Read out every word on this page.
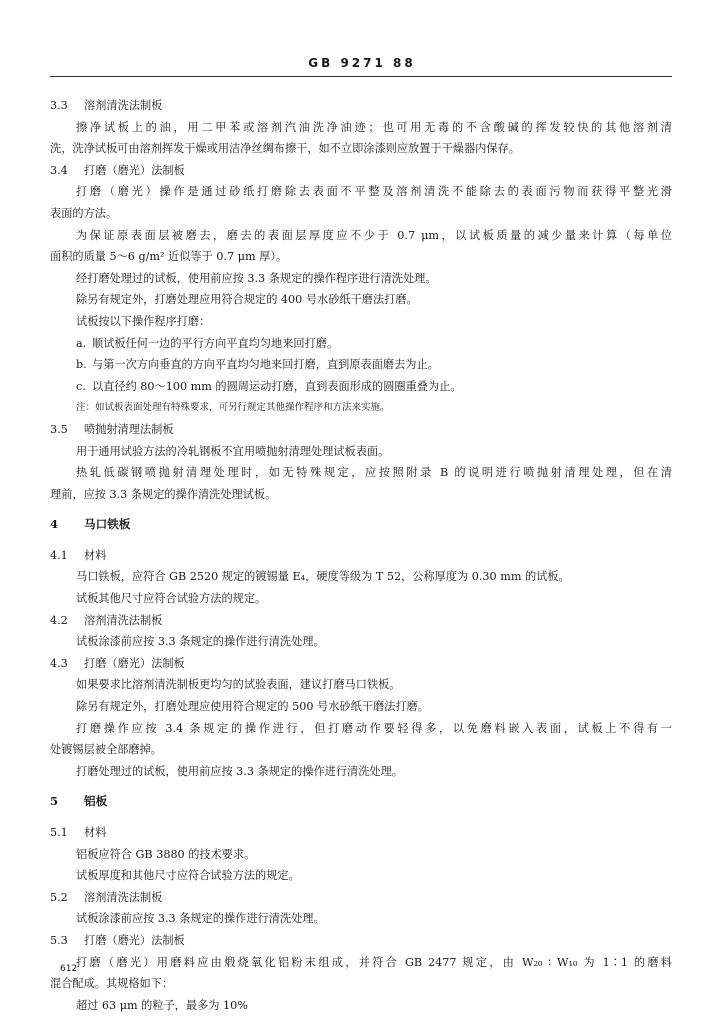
GB 9271 88
3.3 溶剂清洗法制板
擦净试板上的油，用二甲苯或溶剂汽油洗净油迹；也可用无毒的不含酸碱的挥发较快的其他溶剂清
洗，洗净试板可由溶剂挥发干燥或用洁净丝绸布擦干，如不立即涂漆则应放置于干燥器内保存。
3.4 打磨（磨光）法制板
打磨（磨光）操作是通过砂纸打磨除去表面不平整及溶剂清洗不能除去的表面污物而获得平整光滑
表面的方法。
为保证原表面层被磨去，磨去的表面层厚度应不少于 0.7 μm，以试板质量的减少量来计算（每单位
面积的质量 5～6 g/m² 近似等于 0.7 μm 厚）。
经打磨处理过的试板，使用前应按 3.3 条规定的操作程序进行清洗处理。
除另有规定外，打磨处理应用符合规定的 400 号水砂纸干磨法打磨。
试板按以下操作程序打磨：
a. 顺试板任何一边的平行方向平直均匀地来回打磨。
b. 与第一次方向垂直的方向平直均匀地来回打磨，直到原表面磨去为止。
c. 以直径约 80～100 mm 的圆周运动打磨，直到表面形成的圆圈重叠为止。
注：如试板表面处理有特殊要求，可另行规定其他操作程序和方法来实施。
3.5 喷抛射清理法制板
用于通用试验方法的冷轧钢板不宜用喷抛射清理处理试板表面。
热轧低碳钢喷抛射清理处理时，如无特殊规定，应按照附录 B 的说明进行喷抛射清理处理，但在清
理前，应按 3.3 条规定的操作清洗处理试板。
4 马口铁板
4.1 材料
马口铁板，应符合 GB 2520 规定的镀锡量 E₄，硬度等级为 T 52，公称厚度为 0.30 mm 的试板。
试板其他尺寸应符合试验方法的规定。
4.2 溶剂清洗法制板
试板涂漆前应按 3.3 条规定的操作进行清洗处理。
4.3 打磨（磨光）法制板
如果要求比溶剂清洗制板更均匀的试验表面，建议打磨马口铁板。
除另有规定外，打磨处理应使用符合规定的 500 号水砂纸干磨法打磨。
打磨操作应按 3.4 条规定的操作进行，但打磨动作要轻得多，以免磨料嵌入表面，试板上不得有一
处镀锡层被全部磨掉。
打磨处理过的试板，使用前应按 3.3 条规定的操作进行清洗处理。
5 铝板
5.1 材料
铝板应符合 GB 3880 的技术要求。
试板厚度和其他尺寸应符合试验方法的规定。
5.2 溶剂清洗法制板
试板涂漆前应按 3.3 条规定的操作进行清洗处理。
5.3 打磨（磨光）法制板
打磨（磨光）用磨料应由煅烧氧化铝粉末组成，并符合 GB 2477 规定，由 W₂₀ ∶ W₁₀ 为 1∶1 的磨料
混合配成。其规格如下：
超过 63 μm 的粒子，最多为 10%
612
